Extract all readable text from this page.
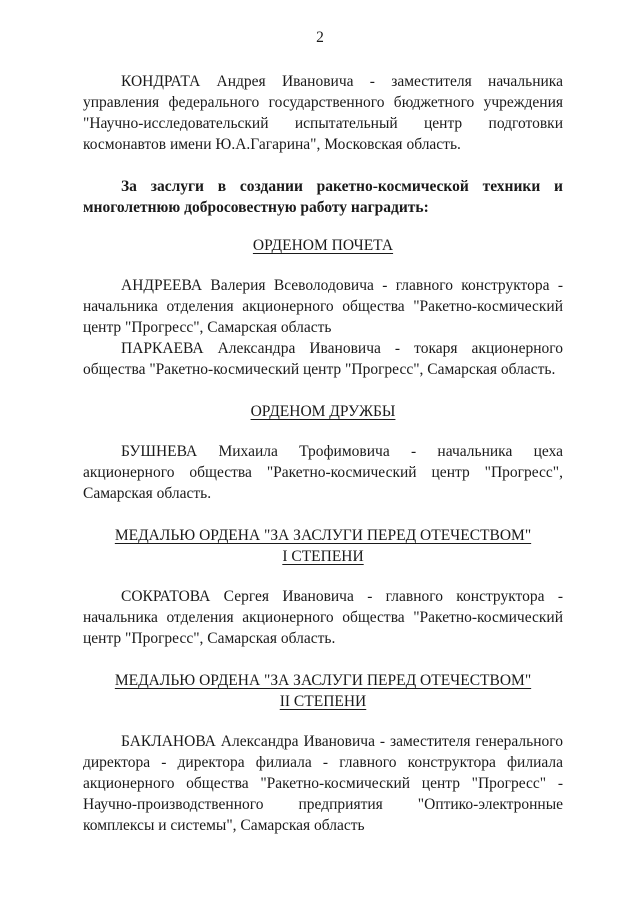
2

КОНДРАТА Андрея Ивановича - заместителя начальника управления федерального государственного бюджетного учреждения "Научно-исследовательский испытательный центр подготовки космонавтов имени Ю.А.Гагарина", Московская область.

За заслуги в создании ракетно-космической техники и многолетнюю добросовестную работу наградить:

ОРДЕНОМ ПОЧЕТА

АНДРЕЕВА Валерия Всеволодовича - главного конструктора - начальника отделения акционерного общества "Ракетно-космический центр "Прогресс", Самарская область

ПАРКАЕВА Александра Ивановича - токаря акционерного общества "Ракетно-космический центр "Прогресс", Самарская область.

ОРДЕНОМ ДРУЖБЫ

БУШНЕВА Михаила Трофимовича - начальника цеха акционерного общества "Ракетно-космический центр "Прогресс", Самарская область.

МЕДАЛЬЮ ОРДЕНА "ЗА ЗАСЛУГИ ПЕРЕД ОТЕЧЕСТВОМ"

I СТЕПЕНИ

СОКРАТОВА Сергея Ивановича - главного конструктора - начальника отделения акционерного общества "Ракетно-космический центр "Прогресс", Самарская область.

МЕДАЛЬЮ ОРДЕНА "ЗА ЗАСЛУГИ ПЕРЕД ОТЕЧЕСТВОМ"

II СТЕПЕНИ

БАКЛАНОВА Александра Ивановича - заместителя генерального директора - директора филиала - главного конструктора филиала акционерного общества "Ракетно-космический центр "Прогресс" - Научно-производственного предприятия "Оптико-электронные комплексы и системы", Самарская область
